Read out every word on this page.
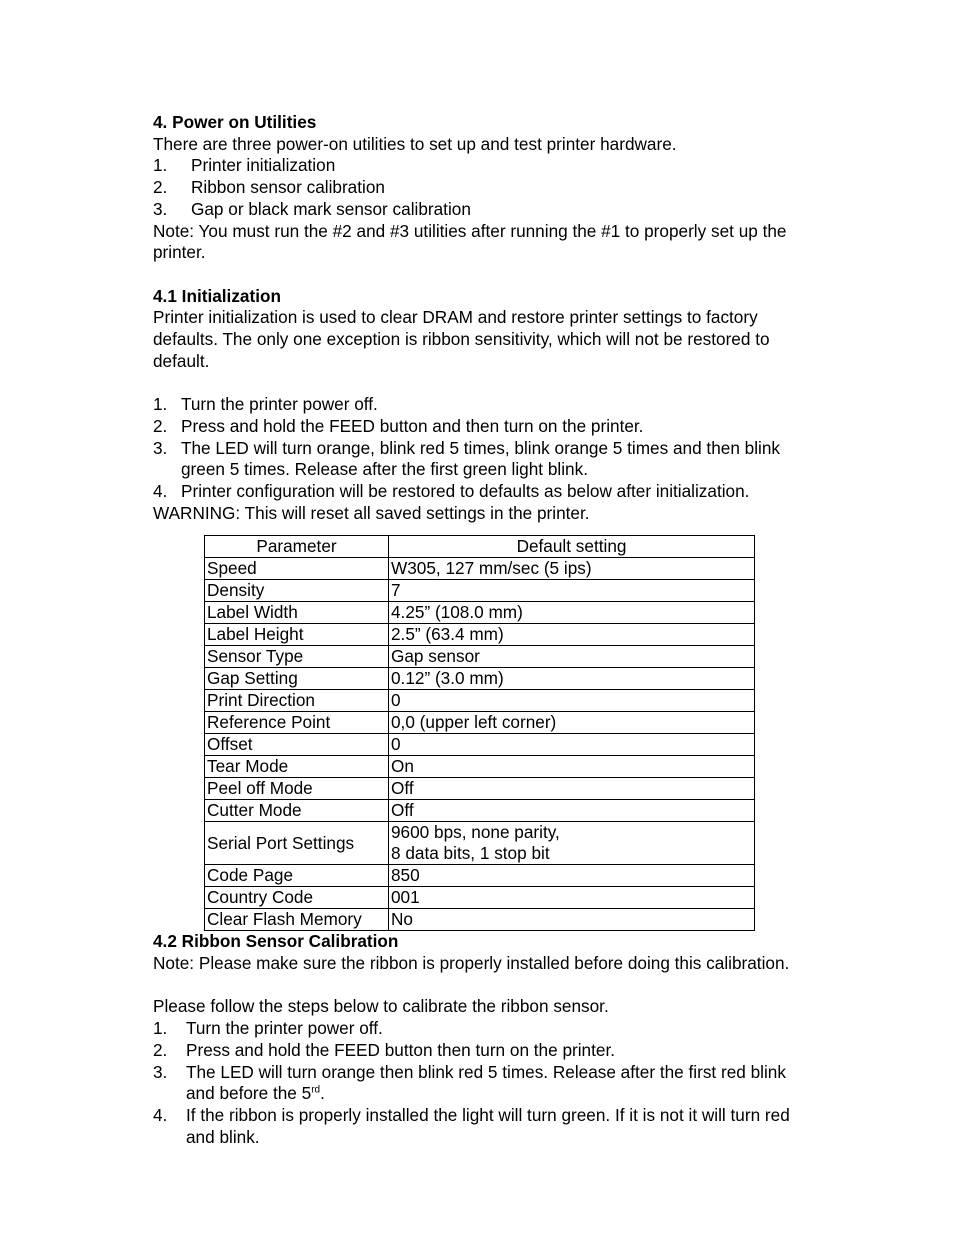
4. Power on Utilities

There are three power-on utilities to set up and test printer hardware.

1. Printer initialization
2. Ribbon sensor calibration
3. Gap or black mark sensor calibration

Note: You must run the #2 and #3 utilities after running the #1 to properly set up the printer.

4.1 Initialization

Printer initialization is used to clear DRAM and restore printer settings to factory defaults. The only one exception is ribbon sensitivity, which will not be restored to default.

1. Turn the printer power off.
2. Press and hold the FEED button and then turn on the printer.
3. The LED will turn orange, blink red 5 times, blink orange 5 times and then blink green 5 times. Release after the first green light blink.
4. Printer configuration will be restored to defaults as below after initialization.

WARNING: This will reset all saved settings in the printer.

Parameter	Default setting
Speed	W305, 127 mm/sec (5 ips)
Density	7
Label Width	4.25” (108.0 mm)
Label Height	2.5” (63.4 mm)
Sensor Type	Gap sensor
Gap Setting	0.12” (3.0 mm)
Print Direction	0
Reference Point	0,0 (upper left corner)
Offset	0
Tear Mode	On
Peel off Mode	Off
Cutter Mode	Off
Serial Port Settings	9600 bps, none parity,
8 data bits, 1 stop bit
Code Page	850
Country Code	001
Clear Flash Memory	No

4.2 Ribbon Sensor Calibration

Note: Please make sure the ribbon is properly installed before doing this calibration.

Please follow the steps below to calibrate the ribbon sensor.

1. Turn the printer power off.
2. Press and hold the FEED button then turn on the printer.
3. The LED will turn orange then blink red 5 times. Release after the first red blink and before the 5rd.
4. If the ribbon is properly installed the light will turn green. If it is not it will turn red and blink.
